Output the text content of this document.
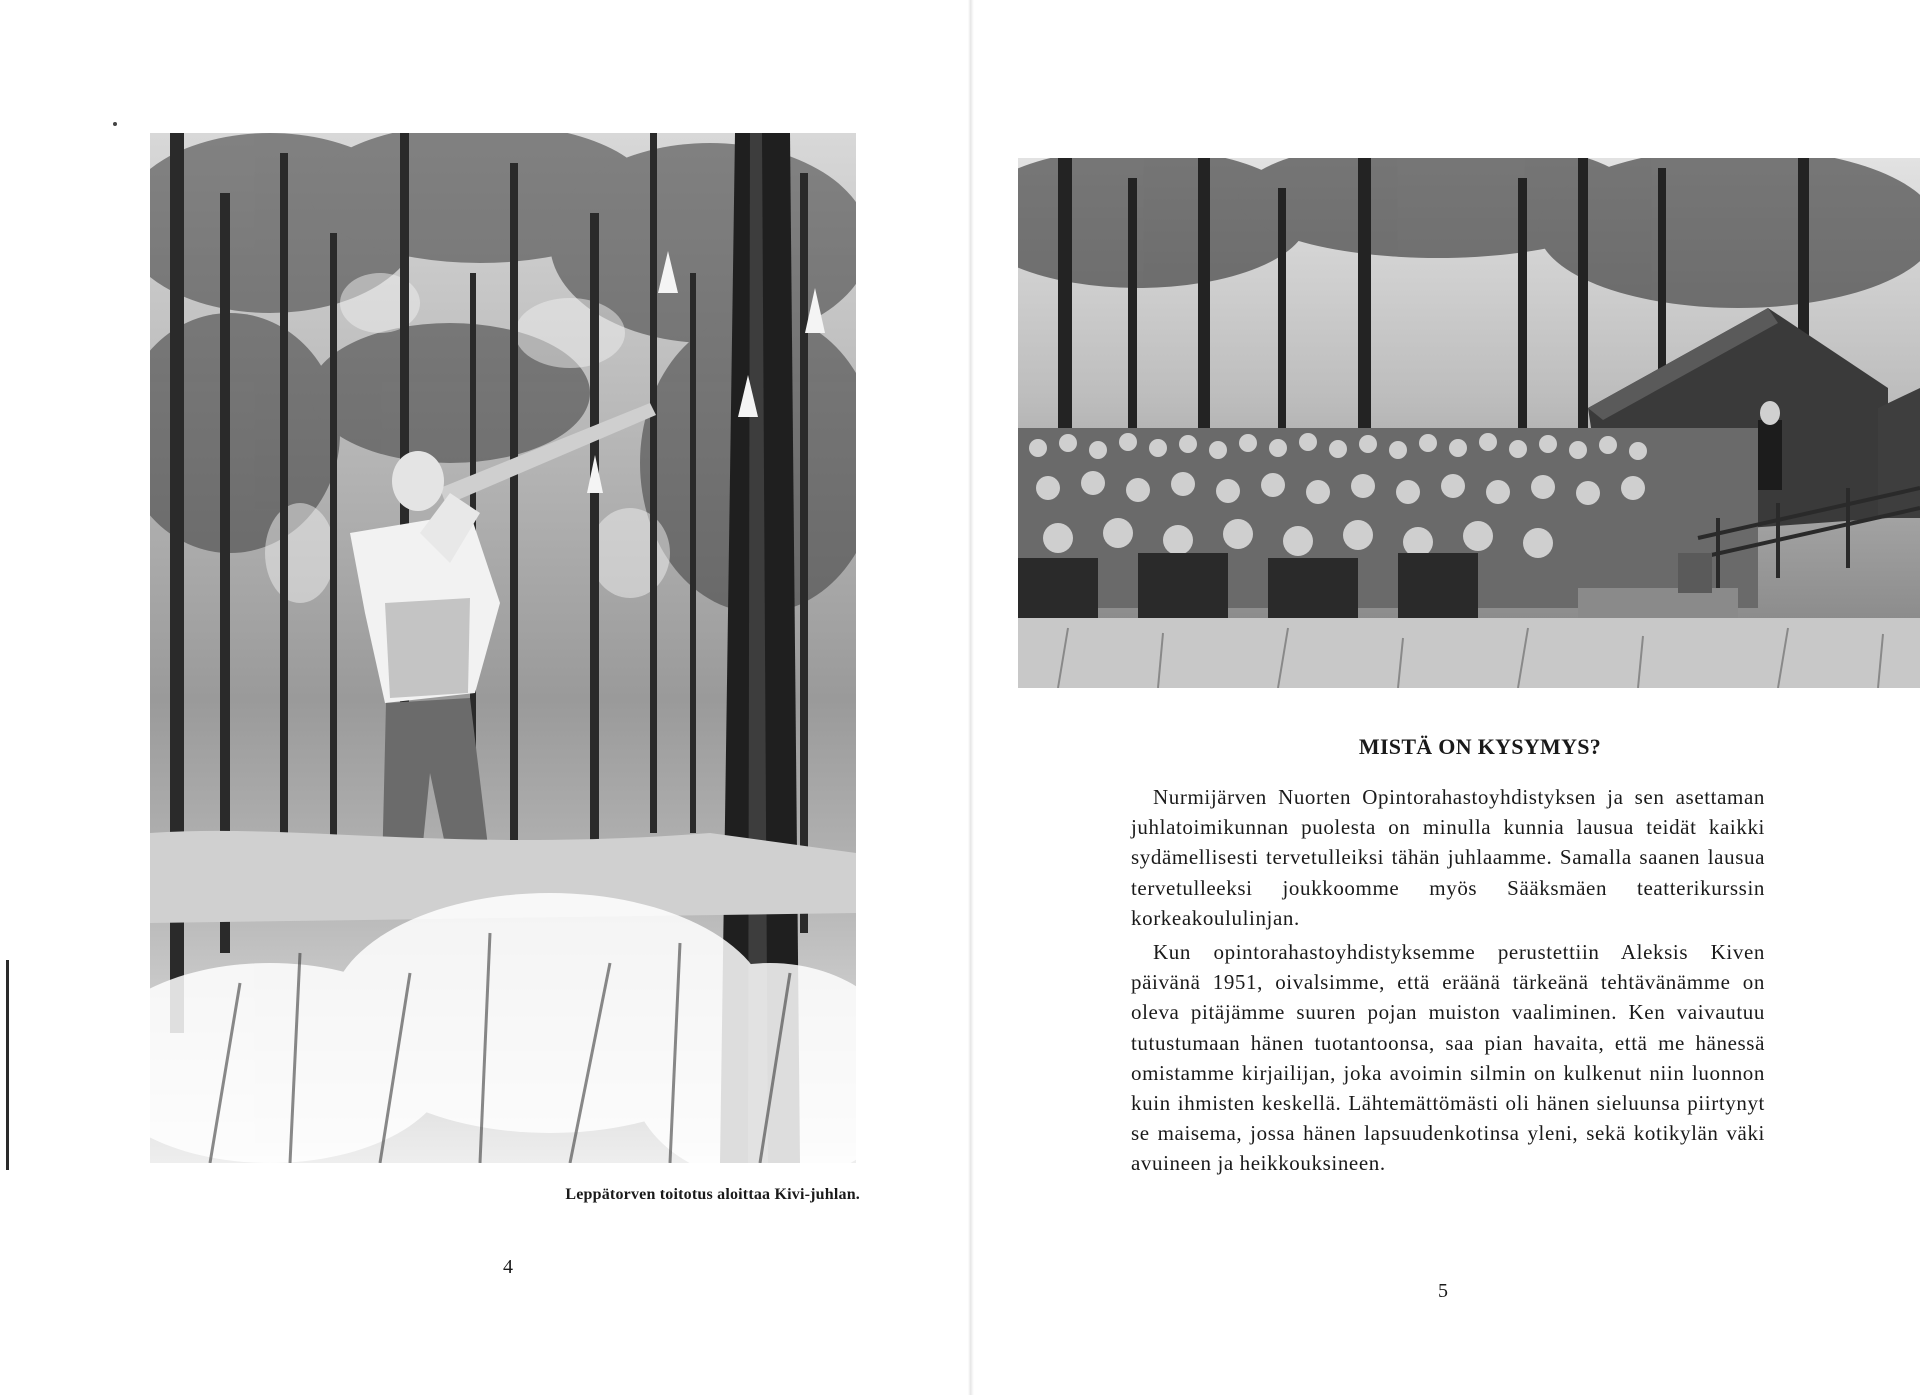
Leppätorven toitotus aloittaa Kivi-juhlan.
4
MISTÄ ON KYSYMYS?

Nurmijärven Nuorten Opintorahastoyhdistyksen ja sen asettaman juhlatoimikunnan puolesta on minulla kunnia lausua teidät kaikki sydämellisesti tervetulleiksi tähän juhlaamme. Samalla saanen lausua tervetulleeksi joukkoomme myös Sääksmäen teatterikurssin korkeakoululinjan.

Kun opintorahastoyhdistyksemme perustettiin Aleksis Kiven päivänä 1951, oivalsimme, että eräänä tärkeänä tehtävänämme on oleva pitäjämme suuren pojan muiston vaaliminen. Ken vaivautuu tutustumaan hänen tuotantoonsa, saa pian havaita, että me hänessä omistamme kirjailijan, joka avoimin silmin on kulkenut niin luonnon kuin ihmisten keskellä. Lähtemättömästi oli hänen sieluunsa piirtynyt se maisema, jossa hänen lapsuudenkotinsa yleni, sekä kotikylän väki avuineen ja heikkouksineen.

5
